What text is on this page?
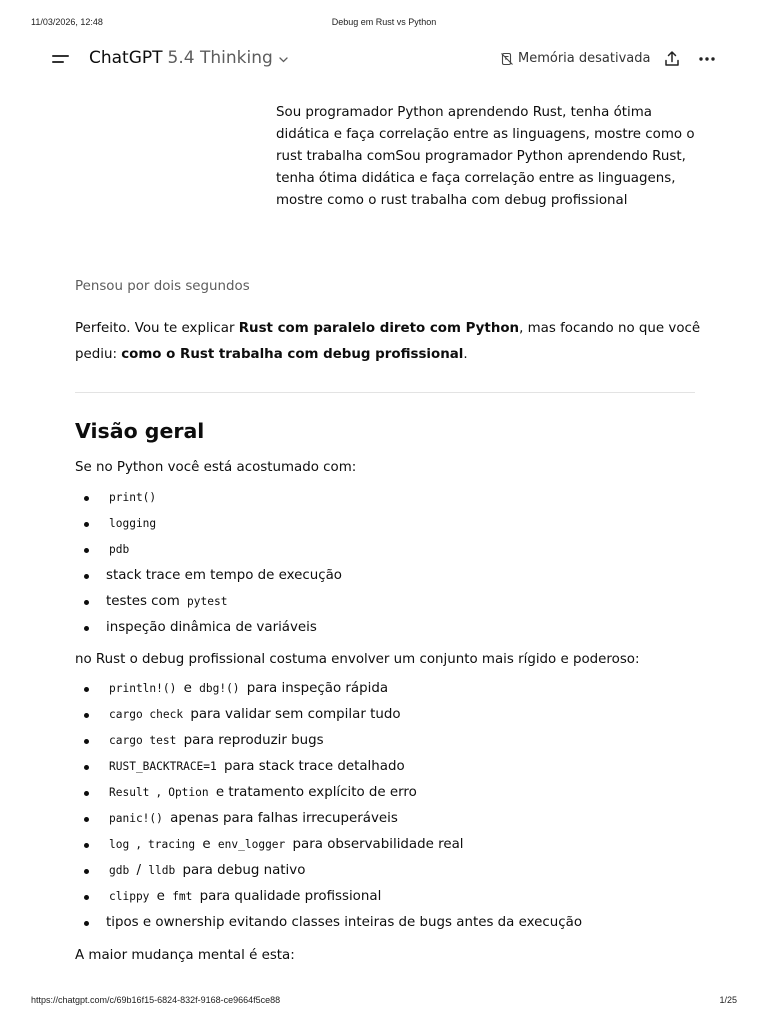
11/03/2026, 12:48	Debug em Rust vs Python
ChatGPT 5.4 Thinking	Memória desativada
Sou programador Python aprendendo Rust, tenha ótima didática e faça correlação entre as linguagens, mostre como o rust trabalha comSou programador Python aprendendo Rust, tenha ótima didática e faça correlação entre as linguagens, mostre como o rust trabalha com debug profissional
Pensou por dois segundos
Perfeito. Vou te explicar Rust com paralelo direto com Python, mas focando no que você pediu: como o Rust trabalha com debug profissional.
Visão geral
Se no Python você está acostumado com:
print()
logging
pdb
stack trace em tempo de execução
testes com pytest
inspeção dinâmica de variáveis
no Rust o debug profissional costuma envolver um conjunto mais rígido e poderoso:
println!() e dbg!() para inspeção rápida
cargo check para validar sem compilar tudo
cargo test para reproduzir bugs
RUST_BACKTRACE=1 para stack trace detalhado
Result , Option e tratamento explícito de erro
panic!() apenas para falhas irrecuperáveis
log , tracing e env_logger para observabilidade real
gdb / lldb para debug nativo
clippy e fmt para qualidade profissional
tipos e ownership evitando classes inteiras de bugs antes da execução
A maior mudança mental é esta:
https://chatgpt.com/c/69b16f15-6824-832f-9168-ce9664f5ce88	1/25
